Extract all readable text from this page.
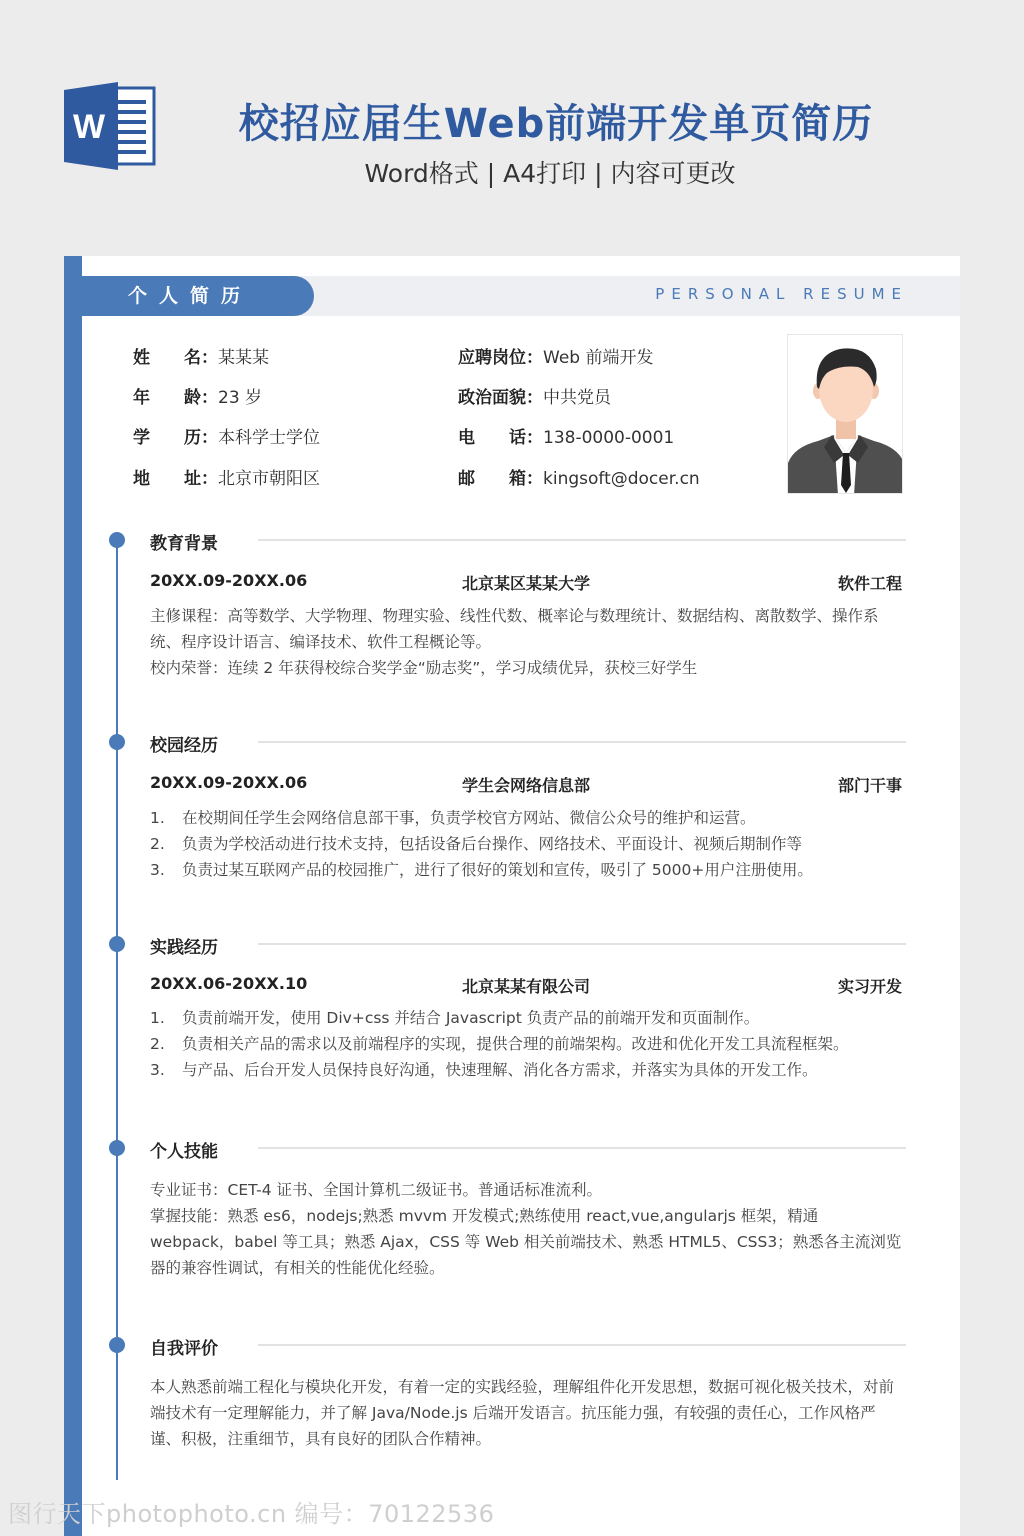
W	校招应届生Web前端开发单页简历
Word格式 | A4打印 | 内容可更改
个人简历	PERSONAL RESUME
姓　　名：某某某
年　　龄：23 岁
学　　历：本科学士学位
地　　址：北京市朝阳区
应聘岗位：Web 前端开发
政治面貌：中共党员
电　　话：138-0000-0001
邮　　箱：kingsoft@docer.cn
教育背景
20XX.09-20XX.06	北京某区某某大学	软件工程
主修课程：高等数学、大学物理、物理实验、线性代数、概率论与数理统计、数据结构、离散数学、操作系统、程序设计语言、编译技术、软件工程概论等。
校内荣誉：连续 2 年获得校综合奖学金“励志奖”，学习成绩优异，获校三好学生
校园经历
20XX.09-20XX.06	学生会网络信息部	部门干事
1. 在校期间任学生会网络信息部干事，负责学校官方网站、微信公众号的维护和运营。
2. 负责为学校活动进行技术支持，包括设备后台操作、网络技术、平面设计、视频后期制作等
3. 负责过某互联网产品的校园推广，进行了很好的策划和宣传，吸引了 5000+用户注册使用。
实践经历
20XX.06-20XX.10	北京某某有限公司	实习开发
1. 负责前端开发，使用 Div+css 并结合 Javascript 负责产品的前端开发和页面制作。
2. 负责相关产品的需求以及前端程序的实现，提供合理的前端架构。改进和优化开发工具流程框架。
3. 与产品、后台开发人员保持良好沟通，快速理解、消化各方需求，并落实为具体的开发工作。
个人技能
专业证书：CET-4 证书、全国计算机二级证书。普通话标准流利。
掌握技能：熟悉 es6，nodejs;熟悉 mvvm 开发模式;熟练使用 react,vue,angularjs 框架，精通 webpack，babel 等工具；熟悉 Ajax，CSS 等 Web 相关前端技术、熟悉 HTML5、CSS3；熟悉各主流浏览器的兼容性调试，有相关的性能优化经验。
自我评价
本人熟悉前端工程化与模块化开发，有着一定的实践经验，理解组件化开发思想，数据可视化极关技术，对前端技术有一定理解能力，并了解 Java/Node.js 后端开发语言。抗压能力强，有较强的责任心，工作风格严谨、积极，注重细节，具有良好的团队合作精神。
图行天下photophoto.cn 编号：70122536
